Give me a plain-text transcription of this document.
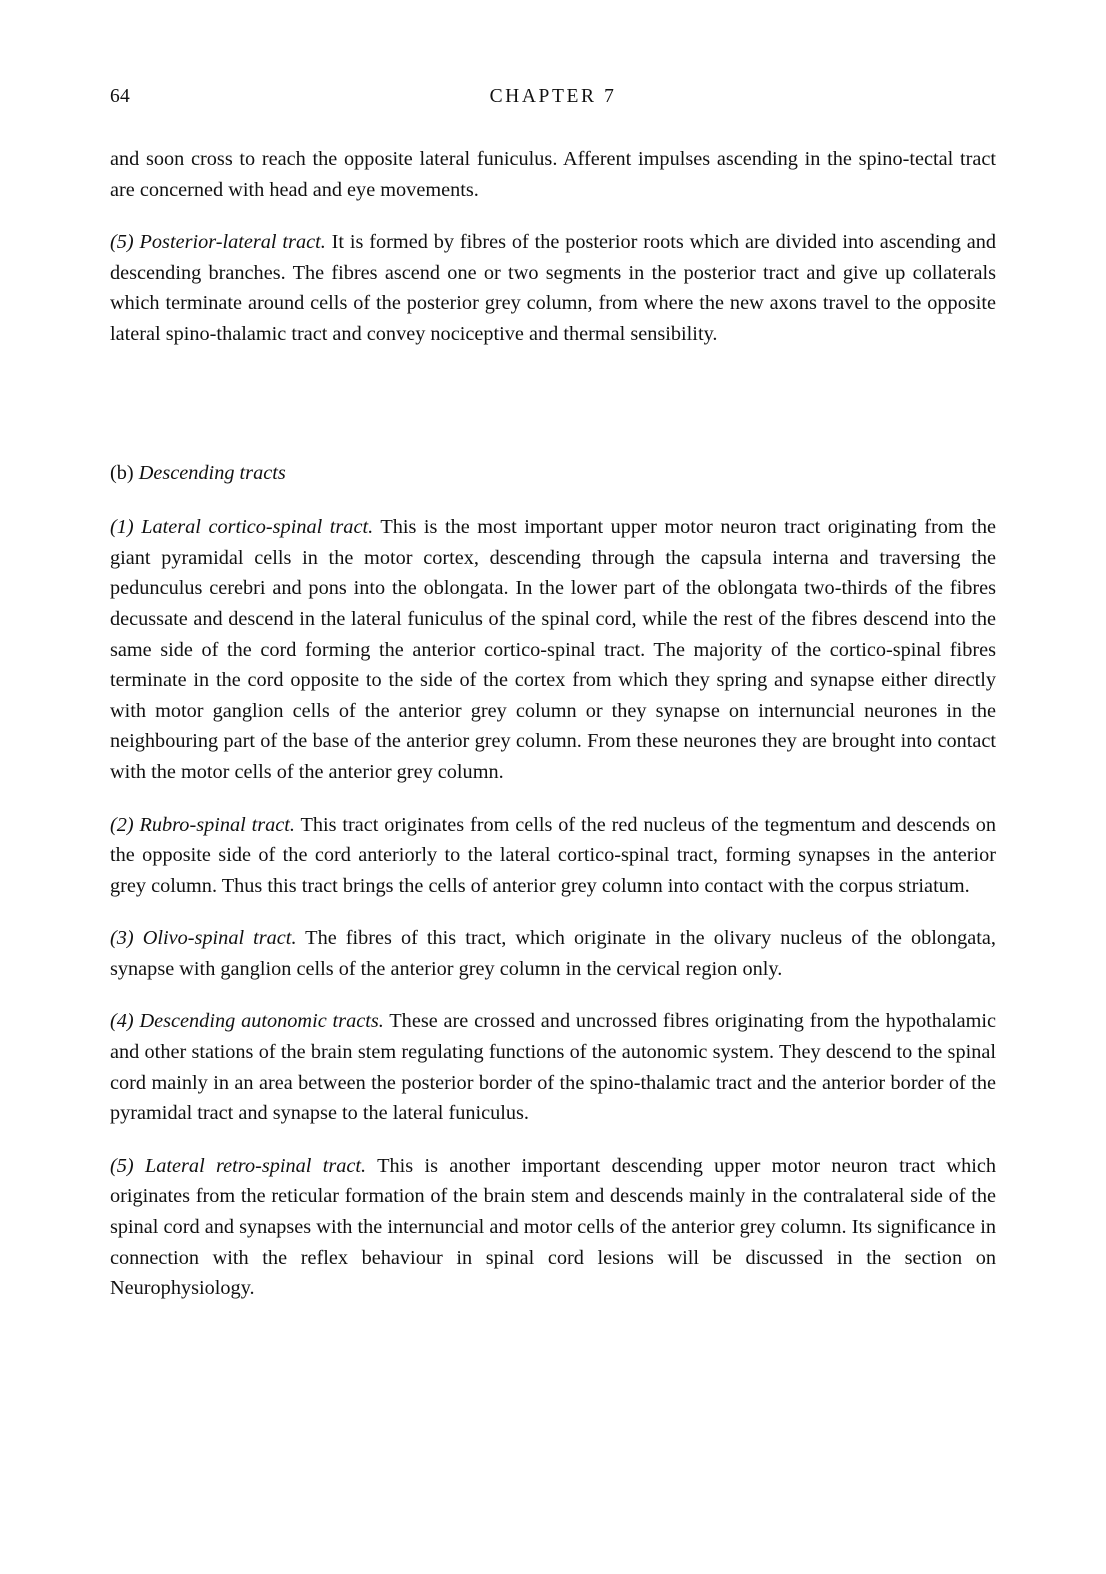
64	CHAPTER 7

and soon cross to reach the opposite lateral funiculus. Afferent impulses ascending in the spino-tectal tract are concerned with head and eye movements.

(5) Posterior-lateral tract. It is formed by fibres of the posterior roots which are divided into ascending and descending branches. The fibres ascend one or two segments in the posterior tract and give up collaterals which terminate around cells of the posterior grey column, from where the new axons travel to the opposite lateral spino-thalamic tract and convey nociceptive and thermal sensibility.

(b) Descending tracts

(1) Lateral cortico-spinal tract. This is the most important upper motor neuron tract originating from the giant pyramidal cells in the motor cortex, descending through the capsula interna and traversing the pedunculus cerebri and pons into the oblongata. In the lower part of the oblongata two-thirds of the fibres decussate and descend in the lateral funiculus of the spinal cord, while the rest of the fibres descend into the same side of the cord forming the anterior cortico-spinal tract. The majority of the cortico-spinal fibres terminate in the cord opposite to the side of the cortex from which they spring and synapse either directly with motor ganglion cells of the anterior grey column or they synapse on internuncial neurones in the neighbouring part of the base of the anterior grey column. From these neurones they are brought into contact with the motor cells of the anterior grey column.

(2) Rubro-spinal tract. This tract originates from cells of the red nucleus of the tegmentum and descends on the opposite side of the cord anteriorly to the lateral cortico-spinal tract, forming synapses in the anterior grey column. Thus this tract brings the cells of anterior grey column into contact with the corpus striatum.

(3) Olivo-spinal tract. The fibres of this tract, which originate in the olivary nucleus of the oblongata, synapse with ganglion cells of the anterior grey column in the cervical region only.

(4) Descending autonomic tracts. These are crossed and uncrossed fibres originating from the hypothalamic and other stations of the brain stem regulating functions of the autonomic system. They descend to the spinal cord mainly in an area between the posterior border of the spino-thalamic tract and the anterior border of the pyramidal tract and synapse to the lateral funiculus.

(5) Lateral retro-spinal tract. This is another important descending upper motor neuron tract which originates from the reticular formation of the brain stem and descends mainly in the contralateral side of the spinal cord and synapses with the internuncial and motor cells of the anterior grey column. Its significance in connection with the reflex behaviour in spinal cord lesions will be discussed in the section on Neurophysiology.
